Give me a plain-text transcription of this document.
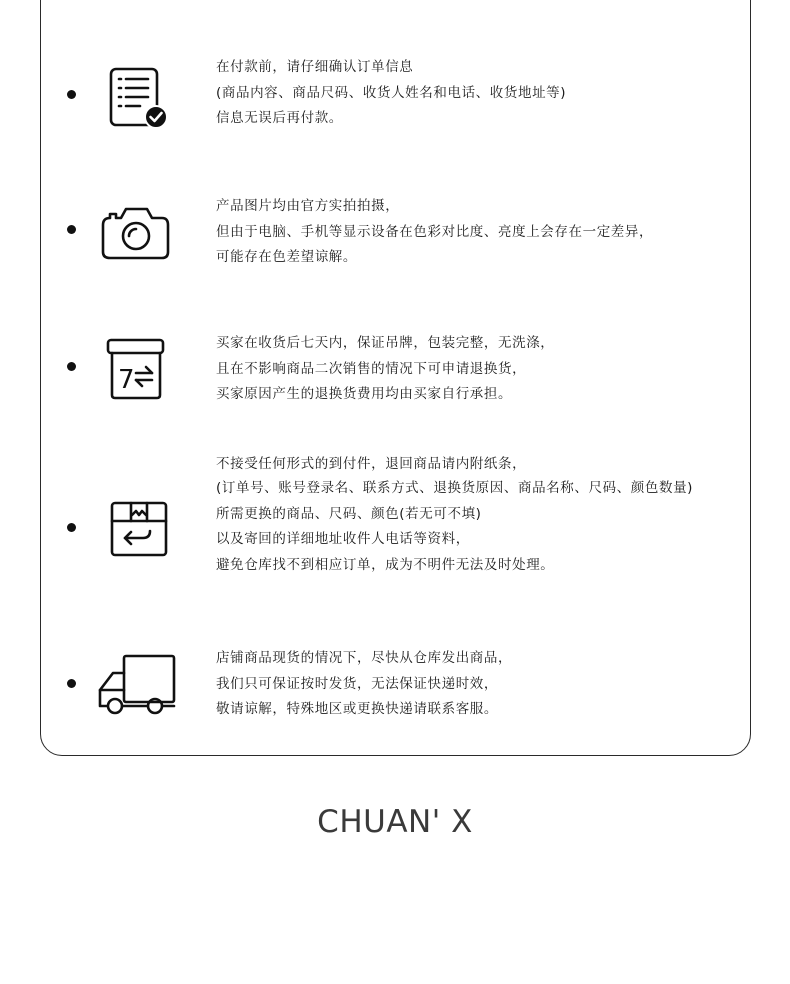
在付款前，请仔细确认订单信息
(商品内容、商品尺码、收货人姓名和电话、收货地址等)
信息无误后再付款。
产品图片均由官方实拍拍摄，
但由于电脑、手机等显示设备在色彩对比度、亮度上会存在一定差异，
可能存在色差望谅解。
7
买家在收货后七天内，保证吊牌，包装完整，无洗涤，
且在不影响商品二次销售的情况下可申请退换货，
买家原因产生的退换货费用均由买家自行承担。
不接受任何形式的到付件，退回商品请内附纸条，
(订单号、账号登录名、联系方式、退换货原因、商品名称、尺码、颜色数量)
所需更换的商品、尺码、颜色(若无可不填)
以及寄回的详细地址收件人电话等资料，
避免仓库找不到相应订单，成为不明件无法及时处理。
店铺商品现货的情况下，尽快从仓库发出商品，
我们只可保证按时发货，无法保证快递时效，
敬请谅解，特殊地区或更换快递请联系客服。
CHUAN' X
